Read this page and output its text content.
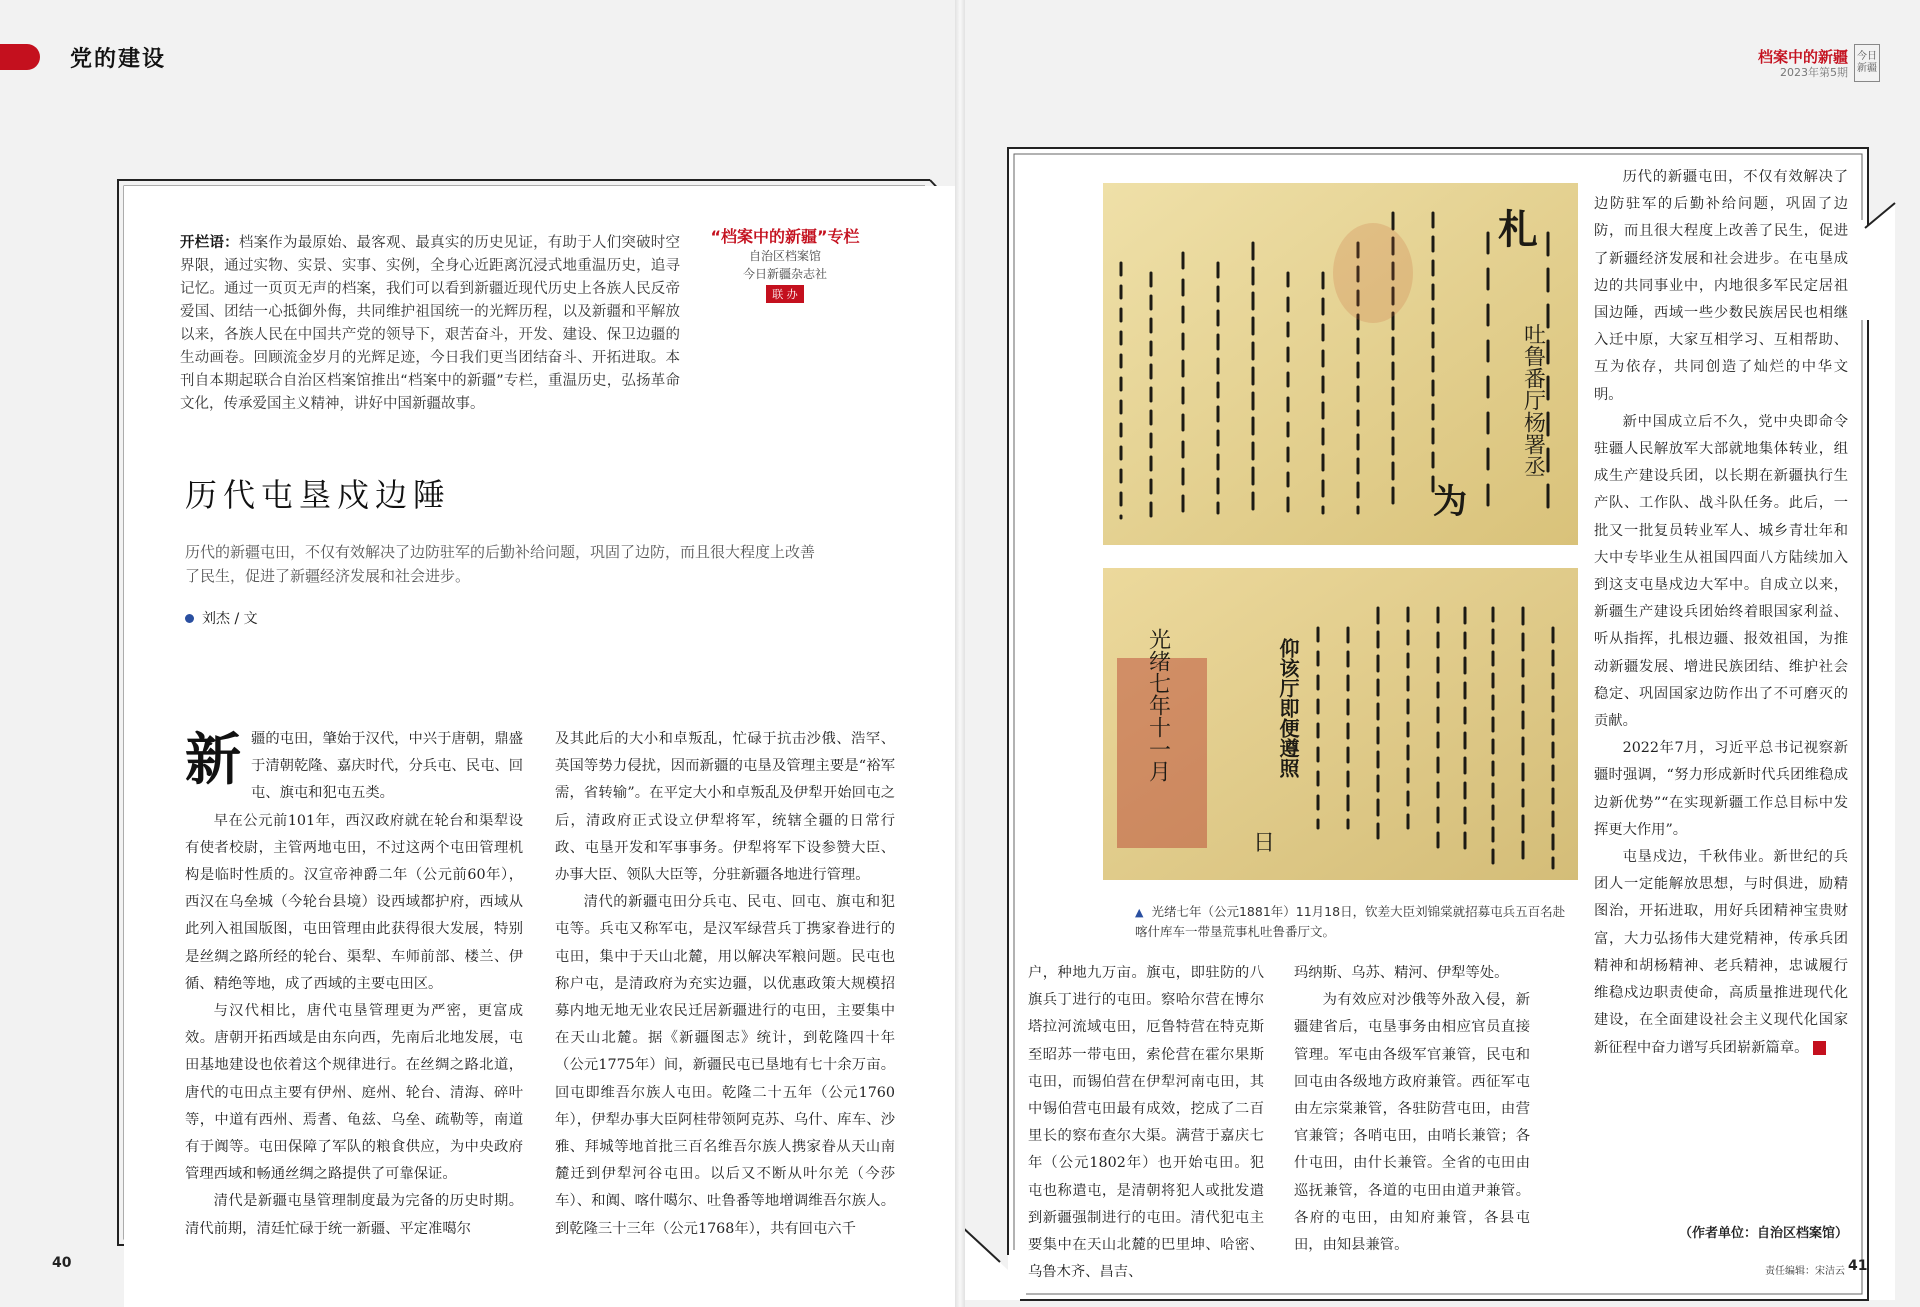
党的建设

开栏语：档案作为最原始、最客观、最真实的历史见证，有助于人们突破时空界限，通过实物、实景、实事、实例，全身心近距离沉浸式地重温历史，追寻记忆。通过一页页无声的档案，我们可以看到新疆近现代历史上各族人民反帝爱国、团结一心抵御外侮，共同维护祖国统一的光辉历程，以及新疆和平解放以来，各族人民在中国共产党的领导下，艰苦奋斗，开发、建设、保卫边疆的生动画卷。回顾流金岁月的光辉足迹，今日我们更当团结奋斗、开拓进取。本刊自本期起联合自治区档案馆推出“档案中的新疆”专栏，重温历史，弘扬革命文化，传承爱国主义精神，讲好中国新疆故事。

“档案中的新疆”专栏
自治区档案馆
今日新疆杂志社
联 办
历代屯垦戍边陲

历代的新疆屯田，不仅有效解决了边防驻军的后勤补给问题，巩固了边防，而且很大程度上改善了民生，促进了新疆经济发展和社会进步。

刘杰 / 文

新疆的屯田，肇始于汉代，中兴于唐朝，鼎盛于清朝乾隆、嘉庆时代，分兵屯、民屯、回屯、旗屯和犯屯五类。

早在公元前101年，西汉政府就在轮台和渠犁设有使者校尉，主管两地屯田，不过这两个屯田管理机构是临时性质的。汉宣帝神爵二年（公元前60年），西汉在乌垒城（今轮台县境）设西域都护府，西域从此列入祖国版图，屯田管理由此获得很大发展，特别是丝绸之路所经的轮台、渠犁、车师前部、楼兰、伊循、精绝等地，成了西域的主要屯田区。

与汉代相比，唐代屯垦管理更为严密，更富成效。唐朝开拓西域是由东向西，先南后北地发展，屯田基地建设也依着这个规律进行。在丝绸之路北道，唐代的屯田点主要有伊州、庭州、轮台、清海、碎叶等，中道有西州、焉耆、龟兹、乌垒、疏勒等，南道有于阗等。屯田保障了军队的粮食供应，为中央政府管理西域和畅通丝绸之路提供了可靠保证。

清代是新疆屯垦管理制度最为完备的历史时期。清代前期，清廷忙碌于统一新疆、平定准噶尔

及其此后的大小和卓叛乱，忙碌于抗击沙俄、浩罕、英国等势力侵扰，因而新疆的屯垦及管理主要是“裕军需，省转输”。在平定大小和卓叛乱及伊犁开始回屯之后，清政府正式设立伊犁将军，统辖全疆的日常行政、屯垦开发和军事事务。伊犁将军下设参赞大臣、办事大臣、领队大臣等，分驻新疆各地进行管理。

清代的新疆屯田分兵屯、民屯、回屯、旗屯和犯屯等。兵屯又称军屯，是汉军绿营兵丁携家眷进行的屯田，集中于天山北麓，用以解决军粮问题。民屯也称户屯，是清政府为充实边疆，以优惠政策大规模招募内地无地无业农民迁居新疆进行的屯田，主要集中在天山北麓。据《新疆图志》统计，到乾隆四十年（公元1775年）间，新疆民屯已垦地有七十余万亩。回屯即维吾尔族人屯田。乾隆二十五年（公元1760年），伊犁办事大臣阿桂带领阿克苏、乌什、库车、沙雅、拜城等地首批三百名维吾尔族人携家眷从天山南麓迁到伊犁河谷屯田。以后又不断从叶尔羌（今莎车）、和阗、喀什噶尔、吐鲁番等地增调维吾尔族人。到乾隆三十三年（公元1768年），共有回屯六千

40
档案中的新疆
2023年第5期
今日新疆
札
为
吐鲁番厅杨署丞
光绪七年十一月
日
仰该厅即便遵照
▲ 光绪七年（公元1881年）11月18日，钦差大臣刘锦棠就招募屯兵五百名赴喀什库车一带垦荒事札吐鲁番厅文。

户，种地九万亩。旗屯，即驻防的八旗兵丁进行的屯田。察哈尔营在博尔塔拉河流域屯田，厄鲁特营在特克斯至昭苏一带屯田，索伦营在霍尔果斯屯田，而锡伯营在伊犁河南屯田，其中锡伯营屯田最有成效，挖成了二百里长的察布查尔大渠。满营于嘉庆七年（公元1802年）也开始屯田。犯屯也称遣屯，是清朝将犯人或批发遣到新疆强制进行的屯田。清代犯屯主要集中在天山北麓的巴里坤、哈密、乌鲁木齐、昌吉、

玛纳斯、乌苏、精河、伊犁等处。

为有效应对沙俄等外敌入侵，新疆建省后，屯垦事务由相应官员直接管理。军屯由各级军官兼管，民屯和回屯由各级地方政府兼管。西征军屯由左宗棠兼管，各驻防营屯田，由营官兼管；各哨屯田，由哨长兼管；各什屯田，由什长兼管。全省的屯田由巡抚兼管，各道的屯田由道尹兼管。各府的屯田，由知府兼管，各县屯田，由知县兼管。

历代的新疆屯田，不仅有效解决了边防驻军的后勤补给问题，巩固了边防，而且很大程度上改善了民生，促进了新疆经济发展和社会进步。在屯垦成边的共同事业中，内地很多军民定居祖国边陲，西域一些少数民族居民也相继入迁中原，大家互相学习、互相帮助、互为依存，共同创造了灿烂的中华文明。

新中国成立后不久，党中央即命令驻疆人民解放军大部就地集体转业，组成生产建设兵团，以长期在新疆执行生产队、工作队、战斗队任务。此后，一批又一批复员转业军人、城乡青壮年和大中专毕业生从祖国四面八方陆续加入到这支屯垦戍边大军中。自成立以来，新疆生产建设兵团始终着眼国家利益、听从指挥，扎根边疆、报效祖国，为推动新疆发展、增进民族团结、维护社会稳定、巩固国家边防作出了不可磨灭的贡献。

2022年7月，习近平总书记视察新疆时强调，“努力形成新时代兵团维稳成边新优势”“在实现新疆工作总目标中发挥更大作用”。

屯垦戍边，千秋伟业。新世纪的兵团人一定能解放思想，与时俱进，励精图治，开拓进取，用好兵团精神宝贵财富，大力弘扬伟大建党精神，传承兵团精神和胡杨精神、老兵精神，忠诚履行维稳戍边职责使命，高质量推进现代化建设，在全面建设社会主义现代化国家新征程中奋力谱写兵团崭新篇章。	J

（作者单位：自治区档案馆）
责任编辑：宋洁云 41
